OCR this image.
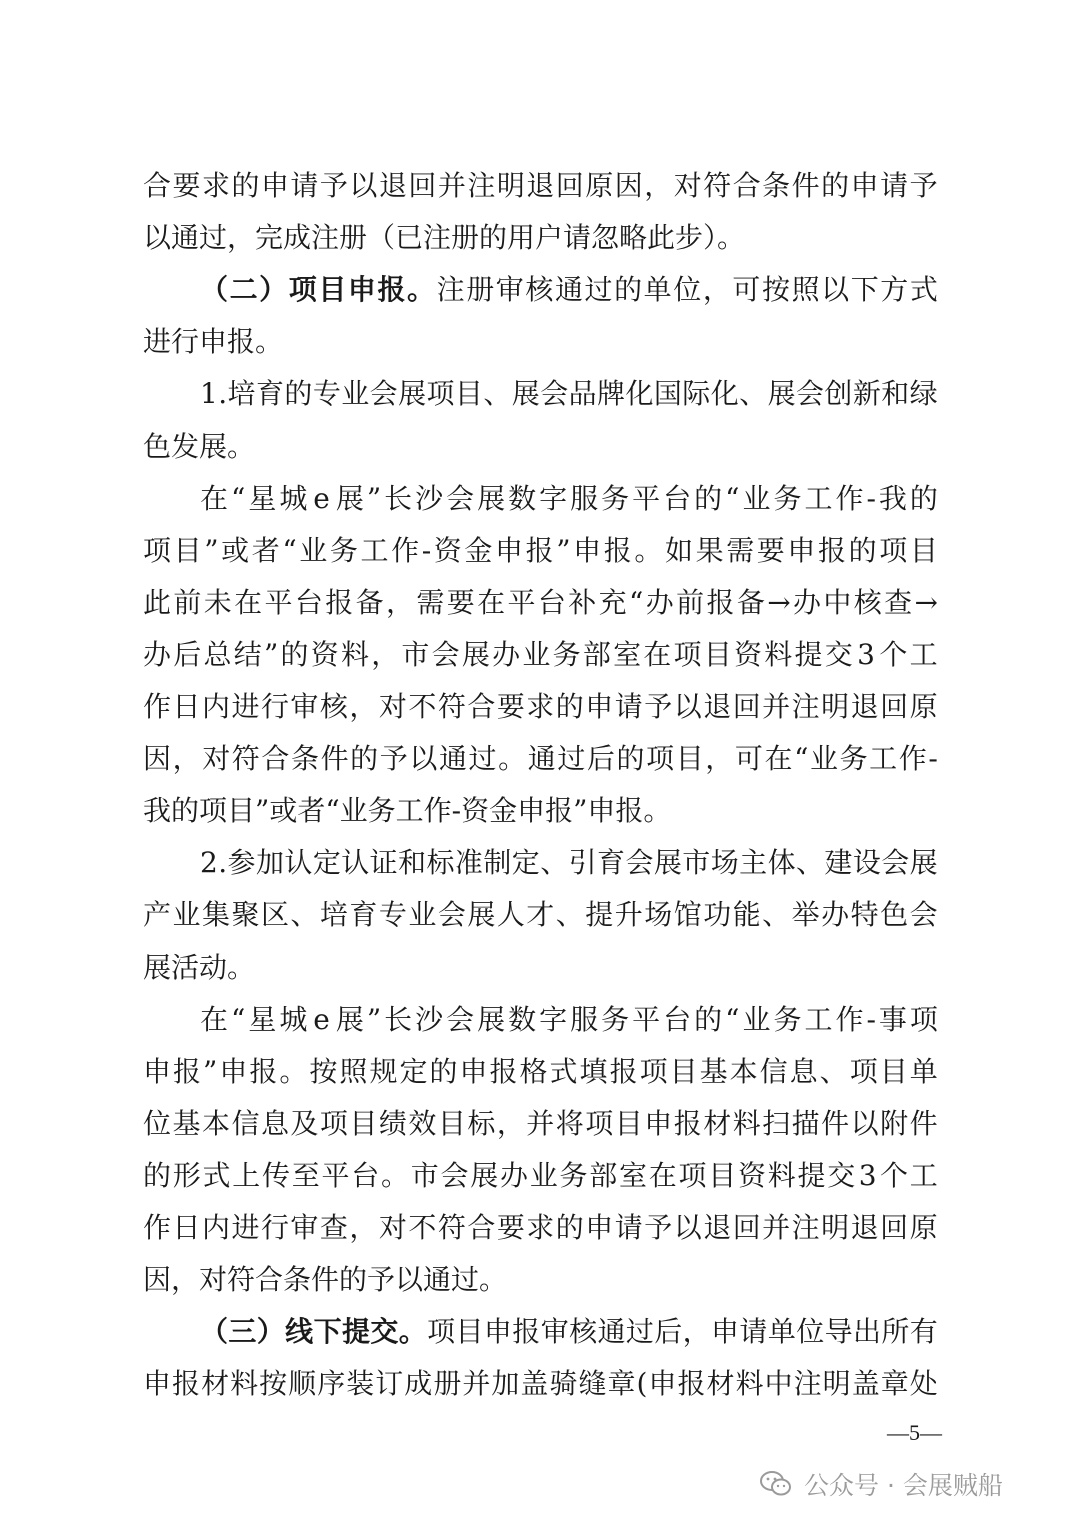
合 要 求 的 申 请 予 以 退 回 并 注 明 退 回 原 因 ， 对 符 合 条 件 的 申 请 予
以通过，完成注册（已注册的用户请忽略此步）。
（ 二 ） 项 目 申 报 。 注 册 审 核 通 过 的 单 位 ， 可 按 照 以 下 方 式
进行申报。
1 . 培 育 的 专 业 会 展 项 目 、 展 会 品 牌 化 国 际 化 、 展 会 创 新 和 绿
色发展。
在 “ 星 城 e 展 ” 长 沙 会 展 数 字 服 务 平 台 的 “ 业 务 工 作 - 我 的
项 目 ” 或 者 “ 业 务 工 作 - 资 金 申 报 ” 申 报 。 如 果 需 要 申 报 的 项 目
此 前 未 在 平 台 报 备 ， 需 要 在 平 台 补 充 “ 办 前 报 备 → 办 中 核 查 →
办 后 总 结 ” 的 资 料 ， 市 会 展 办 业 务 部 室 在 项 目 资 料 提 交 3 个 工
作 日 内 进 行 审 核 ， 对 不 符 合 要 求 的 申 请 予 以 退 回 并 注 明 退 回 原
因 ， 对 符 合 条 件 的 予 以 通 过 。 通 过 后 的 项 目 ， 可 在 “ 业 务 工 作 -
我的项目”或者“业务工作-资金申报”申报。
2 . 参 加 认 定 认 证 和 标 准 制 定 、 引 育 会 展 市 场 主 体 、 建 设 会 展
产 业 集 聚 区 、 培 育 专 业 会 展 人 才 、 提 升 场 馆 功 能 、 举 办 特 色 会
展活动。
在 “ 星 城 e 展 ” 长 沙 会 展 数 字 服 务 平 台 的 “ 业 务 工 作 - 事 项
申 报 ” 申 报 。 按 照 规 定 的 申 报 格 式 填 报 项 目 基 本 信 息 、 项 目 单
位 基 本 信 息 及 项 目 绩 效 目 标 ， 并 将 项 目 申 报 材 料 扫 描 件 以 附 件
的 形 式 上 传 至 平 台 。 市 会 展 办 业 务 部 室 在 项 目 资 料 提 交 3 个 工
作 日 内 进 行 审 查 ， 对 不 符 合 要 求 的 申 请 予 以 退 回 并 注 明 退 回 原
因，对符合条件的予以通过。
（ 三 ） 线 下 提 交 。 项 目 申 报 审 核 通 过 后 ， 申 请 单 位 导 出 所 有
申 报 材 料 按 顺 序 装 订 成 册 并 加 盖 骑 缝 章 ( 申 报 材 料 中 注 明 盖 章 处
—5—
公众号 · 会展贼船
